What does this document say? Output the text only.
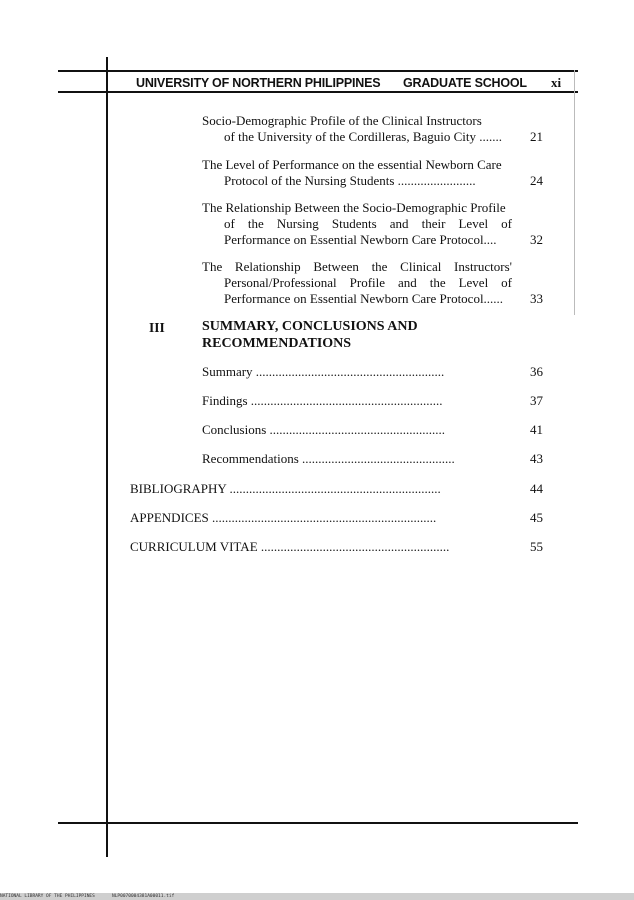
UNIVERSITY OF NORTHERN PHILIPPINES GRADUATE SCHOOL xi
Socio-Demographic Profile of the Clinical Instructors
of the University of the Cordilleras, Baguio City .......	21
The Level of Performance on the essential Newborn Care
Protocol of the Nursing Students ........................	24
The Relationship Between the Socio-Demographic Profile
of the Nursing Students and their Level of
Performance on Essential Newborn Care Protocol....	32
The Relationship Between the Clinical Instructors'
Personal/Professional Profile and the Level of
Performance on Essential Newborn Care Protocol......	33
III	SUMMARY, CONCLUSIONS AND
RECOMMENDATIONS
Summary ..........................................................	36
Findings ...........................................................	37
Conclusions ......................................................	41
Recommendations ...............................................	43
BIBLIOGRAPHY .................................................................	44
APPENDICES .....................................................................	45
CURRICULUM VITAE ..........................................................	55
NATIONAL LIBRARY OF THE PHILIPPINES	NLP0070004381A00011.tif
